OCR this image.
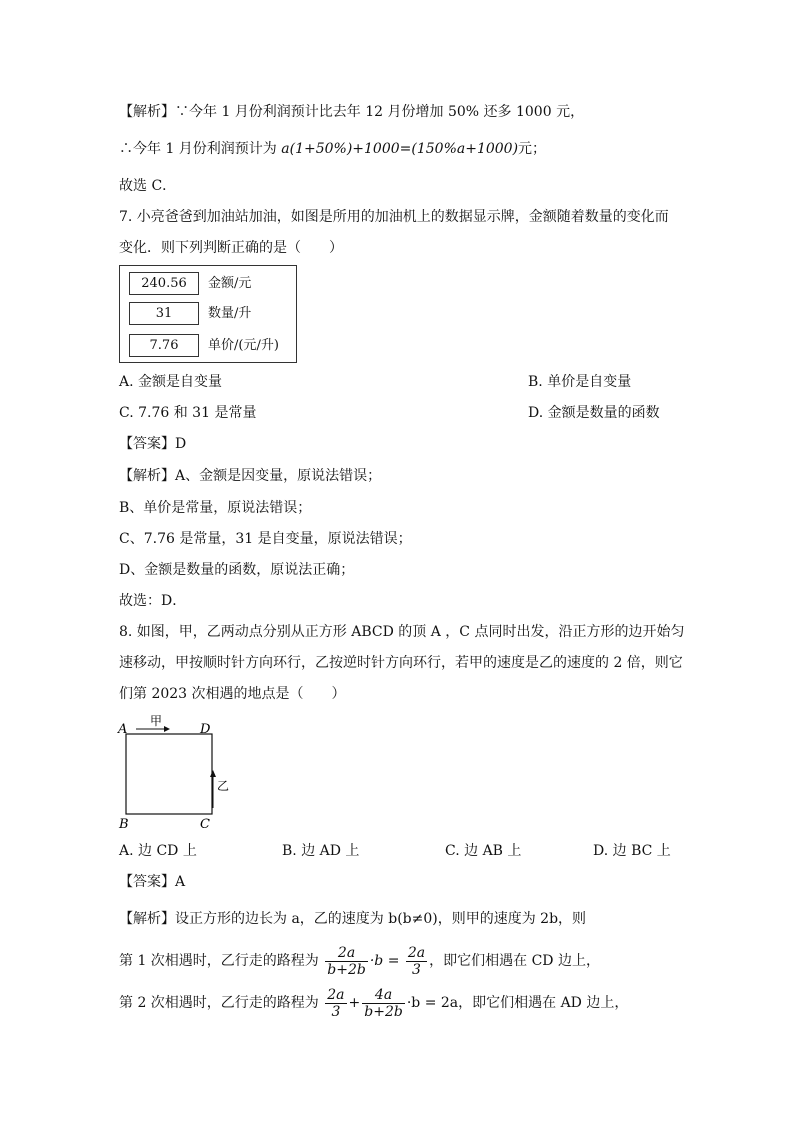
【解析】∵今年 1 月份利润预计比去年 12 月份增加 50% 还多 1000 元，
∴今年 1 月份利润预计为 a(1+50%)+1000=(150%a+1000)元；
故选 C．
7. 小亮爸爸到加油站加油，如图是所用的加油机上的数据显示牌，金额随着数量的变化而
变化．则下列判断正确的是（　　）
240.56	金额/元
31	数量/升
7.76	单价/(元/升)
A. 金额是自变量	B. 单价是自变量
C. 7.76 和 31 是常量	D. 金额是数量的函数
【答案】D
【解析】A、金额是因变量，原说法错误；
B、单价是常量，原说法错误；
C、7.76 是常量，31 是自变量，原说法错误；
D、金额是数量的函数，原说法正确；
故选：D．
8. 如图，甲，乙两动点分别从正方形 ABCD 的顶 A ，C 点同时出发，沿正方形的边开始匀
速移动，甲按顺时针方向环行，乙按逆时针方向环行，若甲的速度是乙的速度的 2 倍，则它
们第 2023 次相遇的地点是（　　）
A	D
B	C
甲
乙
A. 边 CD 上	B. 边 AD 上	C. 边 AB 上	D. 边 BC 上
【答案】A
【解析】设正方形的边长为 a，乙的速度为 b(b≠0)，则甲的速度为 2b，则
第 1 次相遇时，乙行走的路程为 $\frac{2a}{b+2b} \cdot b = \frac{2a}{3}$ ，即它们相遇在 CD 边上，
第 2 次相遇时，乙行走的路程为 $\frac{2a}{3} + \frac{4a}{b+2b} \cdot b = 2a$，即它们相遇在 AD 边上，
